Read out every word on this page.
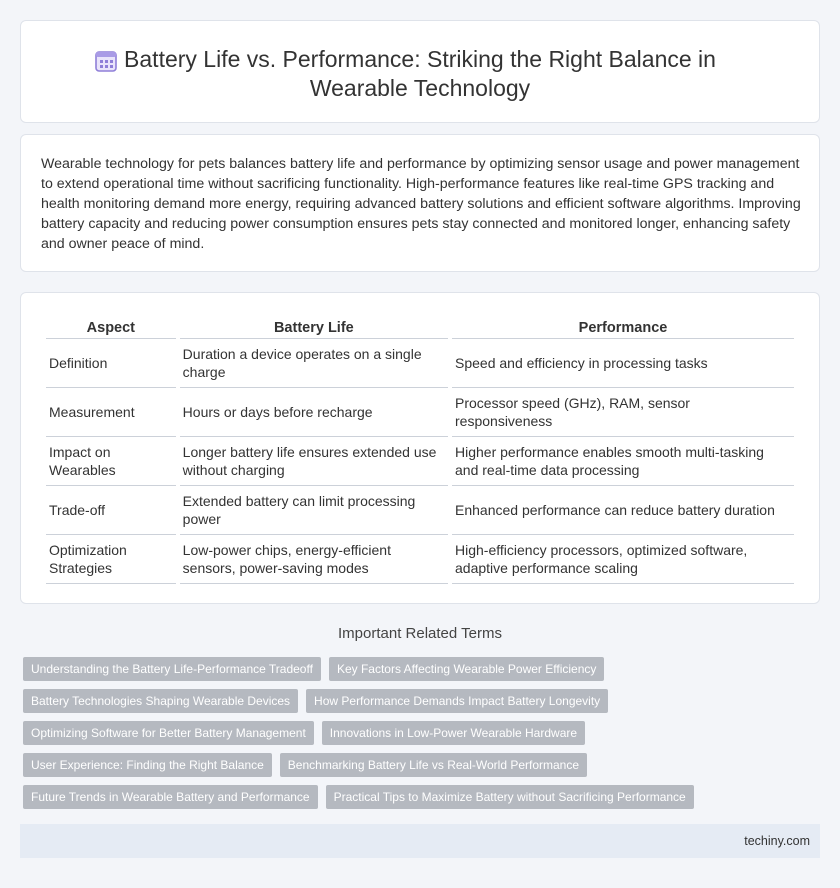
Battery Life vs. Performance: Striking the Right Balance in Wearable Technology

Wearable technology for pets balances battery life and performance by optimizing sensor usage and power management to extend operational time without sacrificing functionality. High-performance features like real-time GPS tracking and health monitoring demand more energy, requiring advanced battery solutions and efficient software algorithms. Improving battery capacity and reducing power consumption ensures pets stay connected and monitored longer, enhancing safety and owner peace of mind.

Aspect	Battery Life	Performance
Definition	Duration a device operates on a single charge	Speed and efficiency in processing tasks
Measurement	Hours or days before recharge	Processor speed (GHz), RAM, sensor responsiveness
Impact on Wearables	Longer battery life ensures extended use without charging	Higher performance enables smooth multi-tasking and real-time data processing
Trade-off	Extended battery can limit processing power	Enhanced performance can reduce battery duration
Optimization Strategies	Low-power chips, energy-efficient sensors, power-saving modes	High-efficiency processors, optimized software, adaptive performance scaling
Important Related Terms
Understanding the Battery Life-Performance Tradeoff	Key Factors Affecting Wearable Power Efficiency
Battery Technologies Shaping Wearable Devices	How Performance Demands Impact Battery Longevity
Optimizing Software for Better Battery Management	Innovations in Low-Power Wearable Hardware
User Experience: Finding the Right Balance	Benchmarking Battery Life vs Real-World Performance
Future Trends in Wearable Battery and Performance	Practical Tips to Maximize Battery without Sacrificing Performance
techiny.com
